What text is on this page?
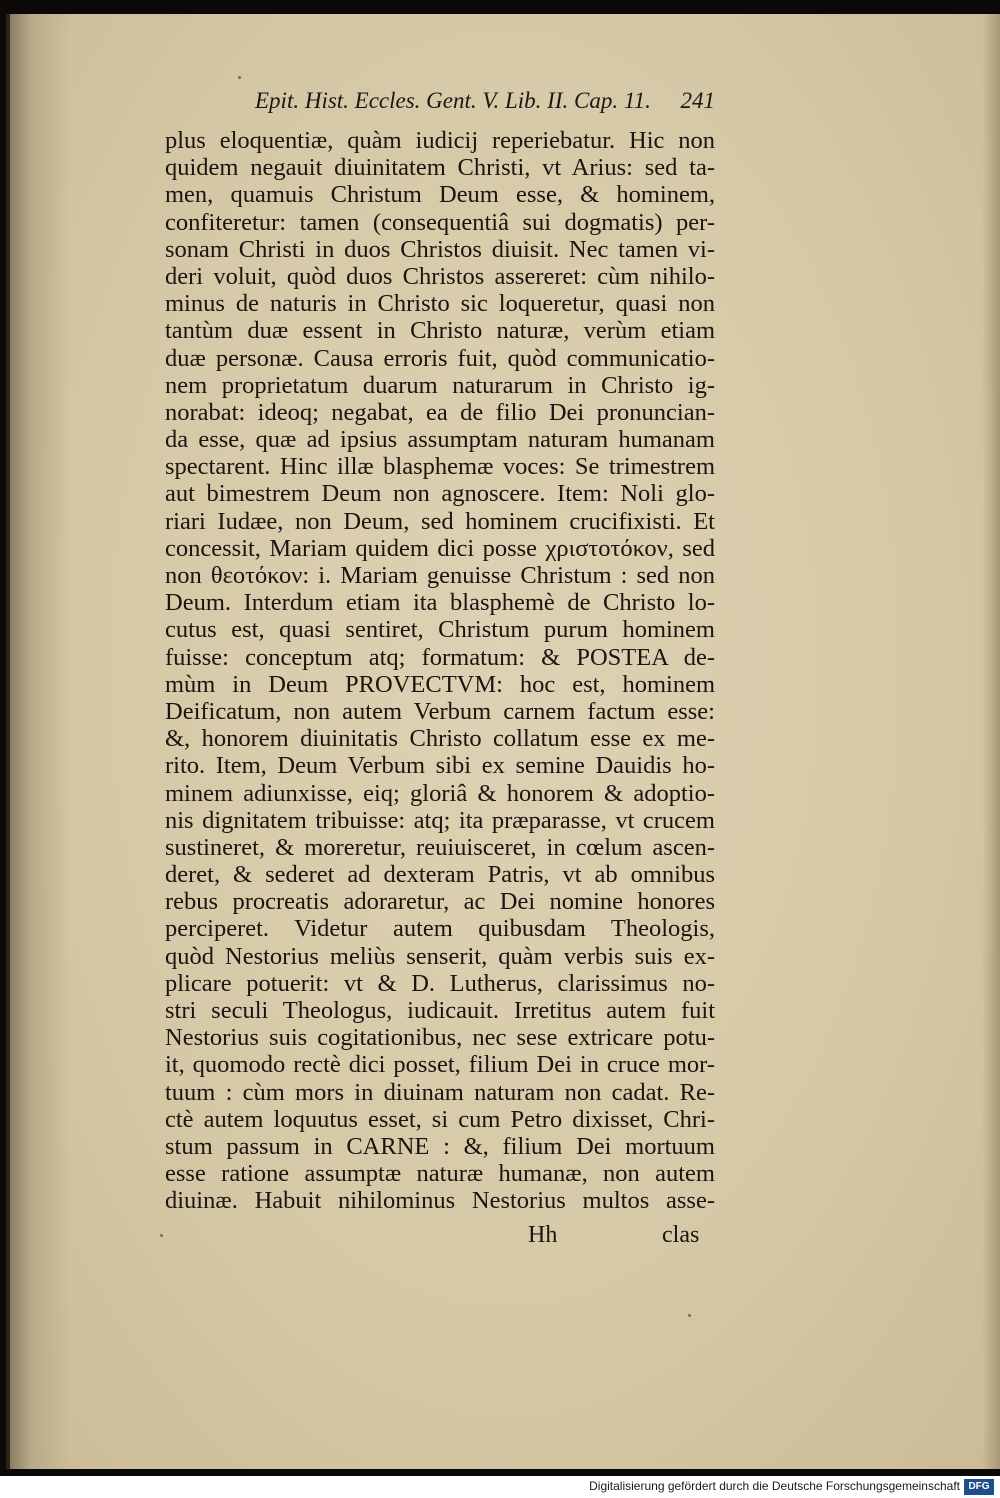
Epit. Hist. Eccles. Gent. V. Lib. II. Cap. 11. 241
plus eloquentiæ, quàm iudicij reperiebatur. Hic non
quidem negauit diuinitatem Christi, vt Arius: sed ta-
men, quamuis Christum Deum esse, & hominem,
confiteretur: tamen (consequentiâ sui dogmatis) per-
sonam Christi in duos Christos diuisit. Nec tamen vi-
deri voluit, quòd duos Christos assereret: cùm nihilo-
minus de naturis in Christo sic loqueretur, quasi non
tantùm duæ essent in Christo naturæ, verùm etiam
duæ personæ. Causa erroris fuit, quòd communicatio-
nem proprietatum duarum naturarum in Christo ig-
norabat: ideoq; negabat, ea de filio Dei pronuncian-
da esse, quæ ad ipsius assumptam naturam humanam
spectarent. Hinc illæ blasphemæ voces: Se trimestrem
aut bimestrem Deum non agnoscere. Item: Noli glo-
riari Iudæe, non Deum, sed hominem crucifixisti. Et
concessit, Mariam quidem dici posse χριστοτόκον, sed
non θεοτόκον: i. Mariam genuisse Christum : sed non
Deum. Interdum etiam ita blasphemè de Christo lo-
cutus est, quasi sentiret, Christum purum hominem
fuisse: conceptum atq; formatum: & POSTEA de-
mùm in Deum PROVECTVM: hoc est, hominem
Deificatum, non autem Verbum carnem factum esse:
&, honorem diuinitatis Christo collatum esse ex me-
rito. Item, Deum Verbum sibi ex semine Dauidis ho-
minem adiunxisse, eiq; gloriâ & honorem & adoptio-
nis dignitatem tribuisse: atq; ita præparasse, vt crucem
sustineret, & moreretur, reuiuisceret, in cœlum ascen-
deret, & sederet ad dexteram Patris, vt ab omnibus
rebus procreatis adoraretur, ac Dei nomine honores
perciperet. Videtur autem quibusdam Theologis,
quòd Nestorius meliùs senserit, quàm verbis suis ex-
plicare potuerit: vt & D. Lutherus, clarissimus no-
stri seculi Theologus, iudicauit. Irretitus autem fuit
Nestorius suis cogitationibus, nec sese extricare potu-
it, quomodo rectè dici posset, filium Dei in cruce mor-
tuum : cùm mors in diuinam naturam non cadat. Re-
ctè autem loquutus esset, si cum Petro dixisset, Chri-
stum passum in CARNE : &, filium Dei mortuum
esse ratione assumptæ naturæ humanæ, non autem
diuinæ. Habuit nihilominus Nestorius multos asse-
Hh	clas
Digitalisierung gefördert durch die Deutsche Forschungsgemeinschaft DFG
